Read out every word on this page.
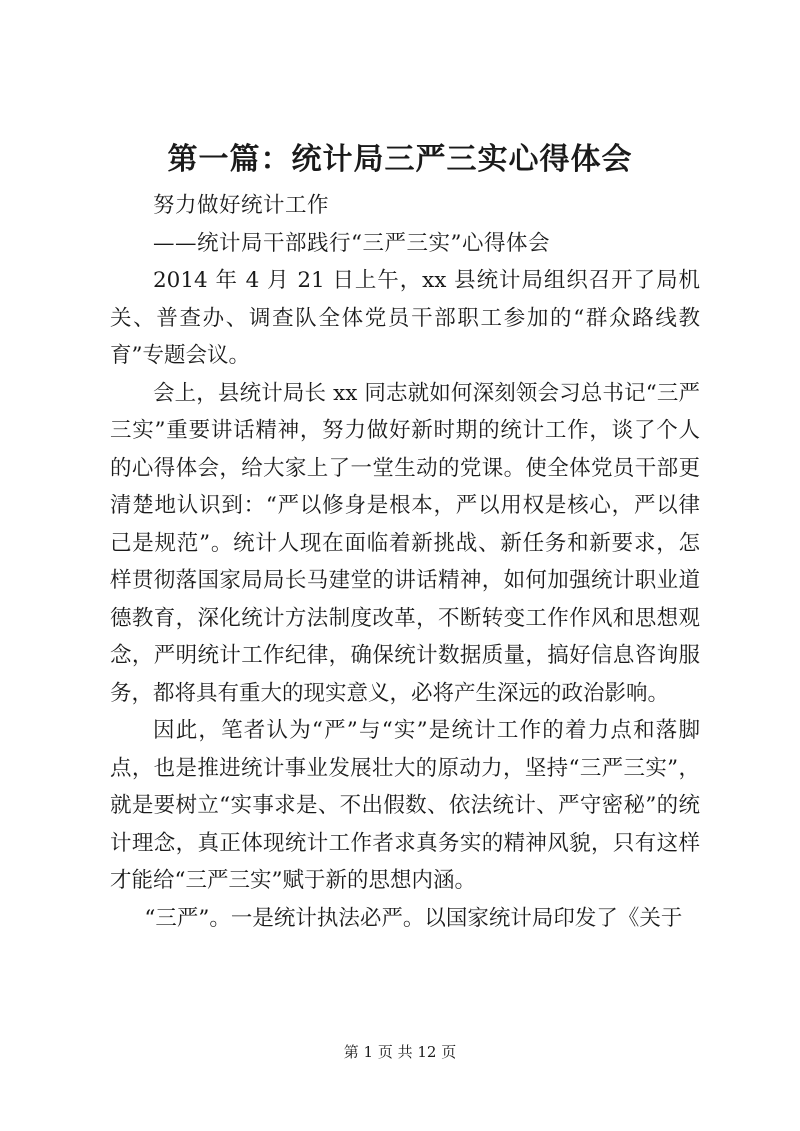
第一篇：统计局三严三实心得体会

努力做好统计工作

——统计局干部践行“三严三实”心得体会

2014 年 4 月 21 日上午，xx 县统计局组织召开了局机关、普查办、调查队全体党员干部职工参加的“群众路线教育”专题会议。

会上，县统计局长 xx 同志就如何深刻领会习总书记“三严三实”重要讲话精神，努力做好新时期的统计工作，谈了个人的心得体会，给大家上了一堂生动的党课。使全体党员干部更清楚地认识到：“严以修身是根本，严以用权是核心，严以律己是规范”。统计人现在面临着新挑战、新任务和新要求，怎样贯彻落国家局局长马建堂的讲话精神，如何加强统计职业道德教育，深化统计方法制度改革，不断转变工作作风和思想观念，严明统计工作纪律，确保统计数据质量，搞好信息咨询服务，都将具有重大的现实意义，必将产生深远的政治影响。

因此，笔者认为“严”与“实”是统计工作的着力点和落脚点，也是推进统计事业发展壮大的原动力，坚持“三严三实”，就是要树立“实事求是、不出假数、依法统计、严守密秘”的统计理念，真正体现统计工作者求真务实的精神风貌，只有这样才能给“三严三实”赋于新的思想内涵。

“三严”。一是统计执法必严。以国家统计局印发了《关于

第 1 页 共 12 页
